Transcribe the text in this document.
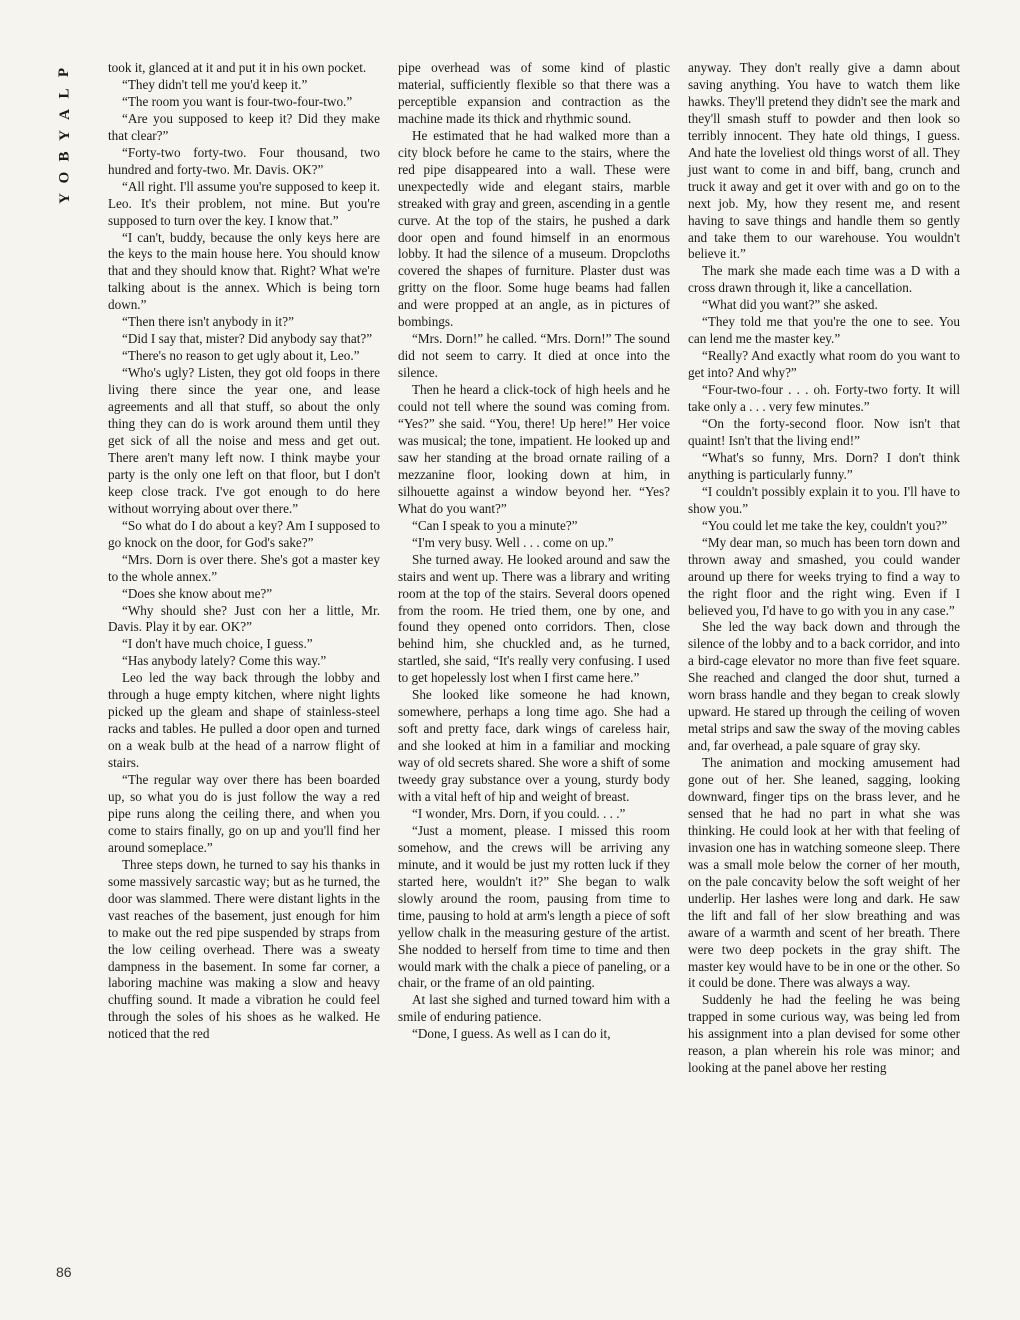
P
L
A
Y
B
O
Y

took it, glanced at it and put it in his own pocket.

“They didn't tell me you'd keep it.”

“The room you want is four-two-four-two.”

“Are you supposed to keep it? Did they make that clear?”

“Forty-two forty-two. Four thousand, two hundred and forty-two. Mr. Davis. OK?”

“All right. I'll assume you're supposed to keep it. Leo. It's their problem, not mine. But you're supposed to turn over the key. I know that.”

“I can't, buddy, because the only keys here are the keys to the main house here. You should know that and they should know that. Right? What we're talking about is the annex. Which is being torn down.”

“Then there isn't anybody in it?”

“Did I say that, mister? Did anybody say that?”

“There's no reason to get ugly about it, Leo.”

“Who's ugly? Listen, they got old foops in there living there since the year one, and lease agreements and all that stuff, so about the only thing they can do is work around them until they get sick of all the noise and mess and get out. There aren't many left now. I think maybe your party is the only one left on that floor, but I don't keep close track. I've got enough to do here without worrying about over there.”

“So what do I do about a key? Am I supposed to go knock on the door, for God's sake?”

“Mrs. Dorn is over there. She's got a master key to the whole annex.”

“Does she know about me?”

“Why should she? Just con her a little, Mr. Davis. Play it by ear. OK?”

“I don't have much choice, I guess.”

“Has anybody lately? Come this way.”

Leo led the way back through the lobby and through a huge empty kitchen, where night lights picked up the gleam and shape of stainless-steel racks and tables. He pulled a door open and turned on a weak bulb at the head of a narrow flight of stairs.

“The regular way over there has been boarded up, so what you do is just follow the way a red pipe runs along the ceiling there, and when you come to stairs finally, go on up and you'll find her around someplace.”

Three steps down, he turned to say his thanks in some massively sarcastic way; but as he turned, the door was slammed. There were distant lights in the vast reaches of the basement, just enough for him to make out the red pipe suspended by straps from the low ceiling overhead. There was a sweaty dampness in the basement. In some far corner, a laboring machine was making a slow and heavy chuffing sound. It made a vibration he could feel through the soles of his shoes as he walked. He noticed that the red

pipe overhead was of some kind of plastic material, sufficiently flexible so that there was a perceptible expansion and contraction as the machine made its thick and rhythmic sound.

He estimated that he had walked more than a city block before he came to the stairs, where the red pipe disappeared into a wall. These were unexpectedly wide and elegant stairs, marble streaked with gray and green, ascending in a gentle curve. At the top of the stairs, he pushed a dark door open and found himself in an enormous lobby. It had the silence of a museum. Dropcloths covered the shapes of furniture. Plaster dust was gritty on the floor. Some huge beams had fallen and were propped at an angle, as in pictures of bombings.

“Mrs. Dorn!” he called. “Mrs. Dorn!” The sound did not seem to carry. It died at once into the silence.

Then he heard a click-tock of high heels and he could not tell where the sound was coming from. “Yes?” she said. “You, there! Up here!” Her voice was musical; the tone, impatient. He looked up and saw her standing at the broad ornate railing of a mezzanine floor, looking down at him, in silhouette against a window beyond her. “Yes? What do you want?”

“Can I speak to you a minute?”

“I'm very busy. Well . . . come on up.”

She turned away. He looked around and saw the stairs and went up. There was a library and writing room at the top of the stairs. Several doors opened from the room. He tried them, one by one, and found they opened onto corridors. Then, close behind him, she chuckled and, as he turned, startled, she said, “It's really very confusing. I used to get hopelessly lost when I first came here.”

She looked like someone he had known, somewhere, perhaps a long time ago. She had a soft and pretty face, dark wings of careless hair, and she looked at him in a familiar and mocking way of old secrets shared. She wore a shift of some tweedy gray substance over a young, sturdy body with a vital heft of hip and weight of breast.

“I wonder, Mrs. Dorn, if you could. . . .”

“Just a moment, please. I missed this room somehow, and the crews will be arriving any minute, and it would be just my rotten luck if they started here, wouldn't it?” She began to walk slowly around the room, pausing from time to time, pausing to hold at arm's length a piece of soft yellow chalk in the measuring gesture of the artist. She nodded to herself from time to time and then would mark with the chalk a piece of paneling, or a chair, or the frame of an old painting.

At last she sighed and turned toward him with a smile of enduring patience.

“Done, I guess. As well as I can do it,

anyway. They don't really give a damn about saving anything. You have to watch them like hawks. They'll pretend they didn't see the mark and they'll smash stuff to powder and then look so terribly innocent. They hate old things, I guess. And hate the loveliest old things worst of all. They just want to come in and biff, bang, crunch and truck it away and get it over with and go on to the next job. My, how they resent me, and resent having to save things and handle them so gently and take them to our warehouse. You wouldn't believe it.”

The mark she made each time was a D with a cross drawn through it, like a cancellation.

“What did you want?” she asked.

“They told me that you're the one to see. You can lend me the master key.”

“Really? And exactly what room do you want to get into? And why?”

“Four-two-four . . . oh. Forty-two forty. It will take only a . . . very few minutes.”

“On the forty-second floor. Now isn't that quaint! Isn't that the living end!”

“What's so funny, Mrs. Dorn? I don't think anything is particularly funny.”

“I couldn't possibly explain it to you. I'll have to show you.”

“You could let me take the key, couldn't you?”

“My dear man, so much has been torn down and thrown away and smashed, you could wander around up there for weeks trying to find a way to the right floor and the right wing. Even if I believed you, I'd have to go with you in any case.”

She led the way back down and through the silence of the lobby and to a back corridor, and into a bird-cage elevator no more than five feet square. She reached and clanged the door shut, turned a worn brass handle and they began to creak slowly upward. He stared up through the ceiling of woven metal strips and saw the sway of the moving cables and, far overhead, a pale square of gray sky.

The animation and mocking amusement had gone out of her. She leaned, sagging, looking downward, finger tips on the brass lever, and he sensed that he had no part in what she was thinking. He could look at her with that feeling of invasion one has in watching someone sleep. There was a small mole below the corner of her mouth, on the pale concavity below the soft weight of her underlip. Her lashes were long and dark. He saw the lift and fall of her slow breathing and was aware of a warmth and scent of her breath. There were two deep pockets in the gray shift. The master key would have to be in one or the other. So it could be done. There was always a way.

Suddenly he had the feeling he was being trapped in some curious way, was being led from his assignment into a plan devised for some other reason, a plan wherein his role was minor; and looking at the panel above her resting

86
